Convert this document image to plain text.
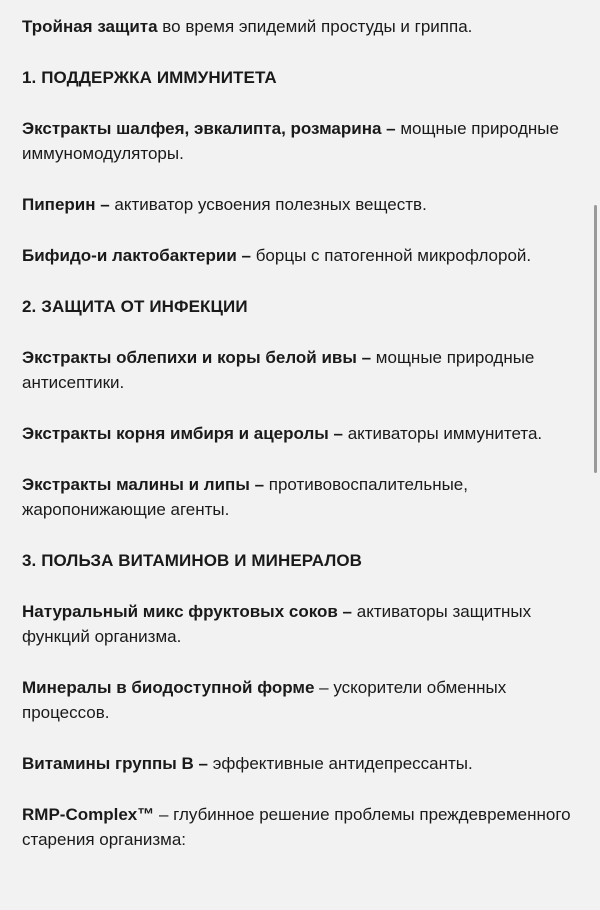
Тройная защита во время эпидемий простуды и гриппа.

1. ПОДДЕРЖКА ИММУНИТЕТА

Экстракты шалфея, эвкалипта, розмарина – мощные природные иммуномодуляторы.

Пиперин – активатор усвоения полезных веществ.

Бифидо-и лактобактерии – борцы с патогенной микрофлорой.

2. ЗАЩИТА ОТ ИНФЕКЦИИ

Экстракты облепихи и коры белой ивы – мощные природные антисептики.

Экстракты корня имбиря и ацеролы – активаторы иммунитета.

Экстракты малины и липы – противовоспалительные, жаропонижающие агенты.

3. ПОЛЬЗА ВИТАМИНОВ И МИНЕРАЛОВ

Натуральный микс фруктовых соков – активаторы защитных функций организма.

Минералы в биодоступной форме – ускорители обменных процессов.

Витамины группы В – эффективные антидепрессанты.

RMP-Complex™ – глубинное решение проблемы преждевременного старения организма:
